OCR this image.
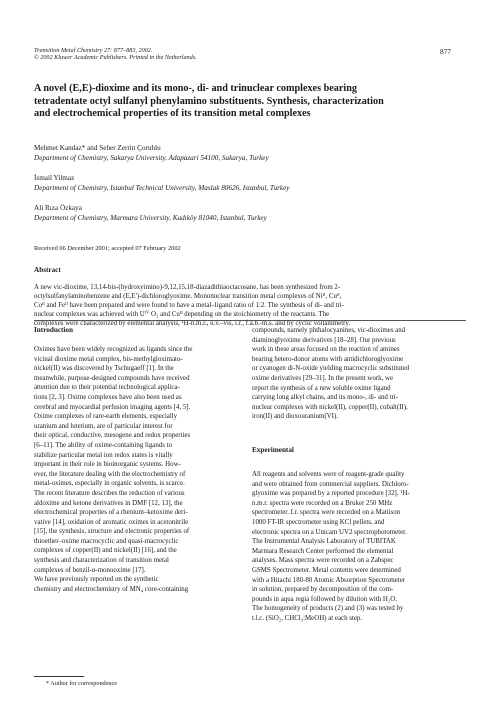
Transition Metal Chemistry 27: 877–883, 2002.
© 2002 Kluwer Academic Publishers. Printed in the Netherlands.
877
A novel (E,E)-dioxime and its mono-, di- and trinuclear complexes bearing
tetradentate octyl sulfanyl phenylamino substituents. Synthesis, characterization
and electrochemical properties of its transition metal complexes
Mehmet Kandaz* and Seher Zerrin Çoruhlu
Department of Chemistry, Sakarya University, Adapazari 54100, Sakarya, Turkey
İsmail Yilmaz
Department of Chemistry, Istanbul Technical University, Maslak 80626, Istanbul, Turkey
Ali Rıza Özkaya
Department of Chemistry, Marmara University, Kadıköy 81040, Istanbul, Turkey
Received 06 December 2001; accepted 07 February 2002
Abstract
A new vic-dioxime, 13,14-bis-(hydroxyimino)-9,12,15,18-diazadithiaoctacosane, has been synthesized from 2-
octylsulfanylaminobenzene and (E,E')-dichloroglyoxime. Mononuclear transition metal complexes of Niᴵᴵ, Cuᴵᴵ,
Coᴵᴵ and Feᴵᴵ have been prepared and were found to have a metal–ligand ratio of 1:2. The synthesis of di- and tri-
nuclear complexes was achieved with Uᴵⱽ O₂ and Cuᴵᴵ depending on the stoichiometry of the reactants. The
complexes were characterized by elemental analysis, ¹H-n.m.r., u.v.–vis, i.r., f.a.b.-m.s. and by cyclic voltammetry.
Introduction
Oximes have been widely recognized as ligands since the
vicinal dioxime metal complex, bis-methylgloximato-
nickel(II) was discovered by Tschugaeff [1]. In the
meanwhile, purpose-designed compounds have received
attention due to their potential technological applica-
tions [2, 3]. Oxime complexes have also been used as
cerebral and myocardial perfusion imaging agents [4, 5].
Oxime complexes of rare-earth elements, especially
uranium and lutetium, are of particular interest for
their optical, conductive, mesogene and redox properties
[6–11]. The ability of oxime-containing ligands to
stabilize particular metal ion redox states is vitally
important in their role in bioinorganic systems. How-
ever, the literature dealing with the electrochemistry of
metal-oximes, especially in organic solvents, is scarce.
The recent literature describes the reduction of various
aldoxime and ketone derivatives in DMF [12, 13], the
electrochemical properties of a rhenium–ketoxime deri-
vative [14], oxidation of aromatic oximes in acetonitrile
[15], the synthesis, structure and electronic properties of
thioether–oxime macrocyclic and quasi-macrocyclic
complexes of copper(II) and nickel(II) [16], and the
synthesis and characterization of transition metal
complexes of benzil-α-monooxime [17].
We have previously reported on the synthetic
chemistry and electrochemistry of MN₄ core-containing
compounds, namely phthalocyanines, vic-dioximes and
diaminoglyoxime derivatives [18–28]. Our previous
work in these areas focused on the reaction of amines
bearing hetero-donor atoms with antidichloroglyoxime
or cyanogen di-N-oxide yielding macrocyclic substituted
oxime derivatives [29–31]. In the present work, we
report the synthesis of a new soluble oxime ligand
carrying long alkyl chains, and its mono-, di- and tri-
nuclear complexes with nickel(II), copper(II), cobalt(II),
iron(II) and dioxouranium(VI).
Experimental
All reagents and solvents were of reagent-grade quality
and were obtained from commercial suppliers. Dichloro-
glyoxime was prepared by a reported procedure [32]. ¹H-
n.m.r. spectra were recorded on a Bruker 250 MHz
spectrometer. I.r. spectra were recorded on a Mattison
1000 FT-IR spectrometer using KCl pellets, and
electronic spectra on a Unicam UV2 spectrophotometer.
The Instrumental Analysis Laboratory of TUBITAK
Marmara Research Center performed the elemental
analyses. Mass spectra were recorded on a Zabspec
GSMS Spectrometer. Metal contents were determined
with a Hitachi 180-80 Atomic Absorption Spectrometer
in solution, prepared by decomposition of the com-
pounds in aqua regia followed by dilution with H₂O.
The homogeneity of products (2) and (3) was tested by
t.l.c. (SiO₂, CHCl₃:MeOH) at each step.
* Author for correspondence
